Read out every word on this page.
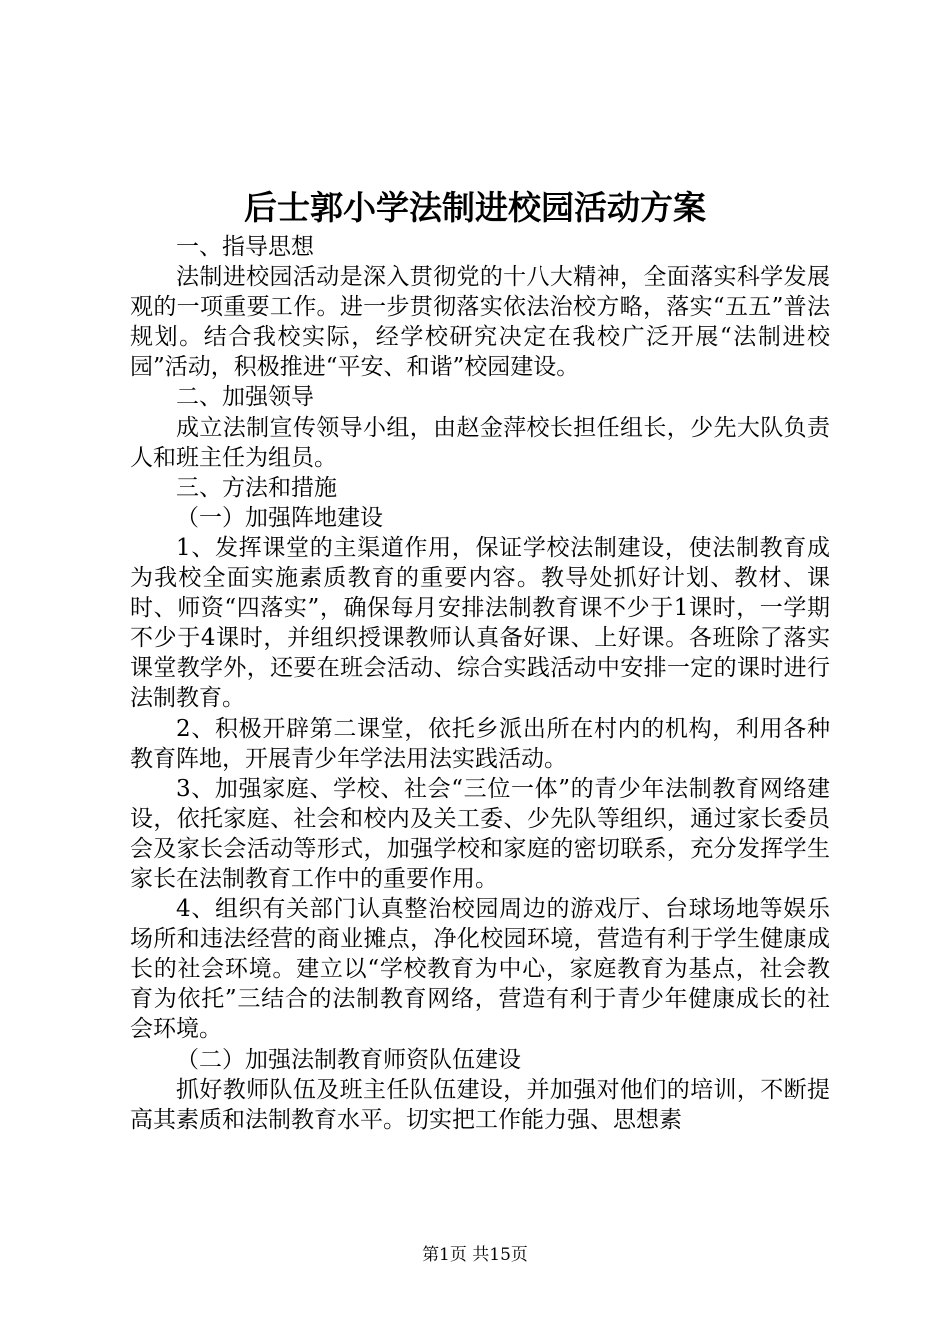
后士郭小学法制进校园活动方案

一、指导思想

法制进校园活动是深入贯彻党的十八大精神，全面落实科学发展观的一项重要工作。进一步贯彻落实依法治校方略，落实“五五”普法规划。结合我校实际，经学校研究决定在我校广泛开展“法制进校园”活动，积极推进“平安、和谐”校园建设。

二、加强领导

成立法制宣传领导小组，由赵金萍校长担任组长，少先大队负责人和班主任为组员。

三、方法和措施

（一）加强阵地建设

1、发挥课堂的主渠道作用，保证学校法制建设，使法制教育成为我校全面实施素质教育的重要内容。教导处抓好计划、教材、课时、师资“四落实”，确保每月安排法制教育课不少于1课时，一学期不少于4课时，并组织授课教师认真备好课、上好课。各班除了落实课堂教学外，还要在班会活动、综合实践活动中安排一定的课时进行法制教育。

2、积极开辟第二课堂，依托乡派出所在村内的机构，利用各种教育阵地，开展青少年学法用法实践活动。

3、加强家庭、学校、社会“三位一体”的青少年法制教育网络建设，依托家庭、社会和校内及关工委、少先队等组织，通过家长委员会及家长会活动等形式，加强学校和家庭的密切联系，充分发挥学生家长在法制教育工作中的重要作用。

4、组织有关部门认真整治校园周边的游戏厅、台球场地等娱乐场所和违法经营的商业摊点，净化校园环境，营造有利于学生健康成长的社会环境。建立以“学校教育为中心，家庭教育为基点，社会教育为依托”三结合的法制教育网络，营造有利于青少年健康成长的社会环境。

（二）加强法制教育师资队伍建设

抓好教师队伍及班主任队伍建设，并加强对他们的培训，不断提高其素质和法制教育水平。切实把工作能力强、思想素

第1页 共15页
